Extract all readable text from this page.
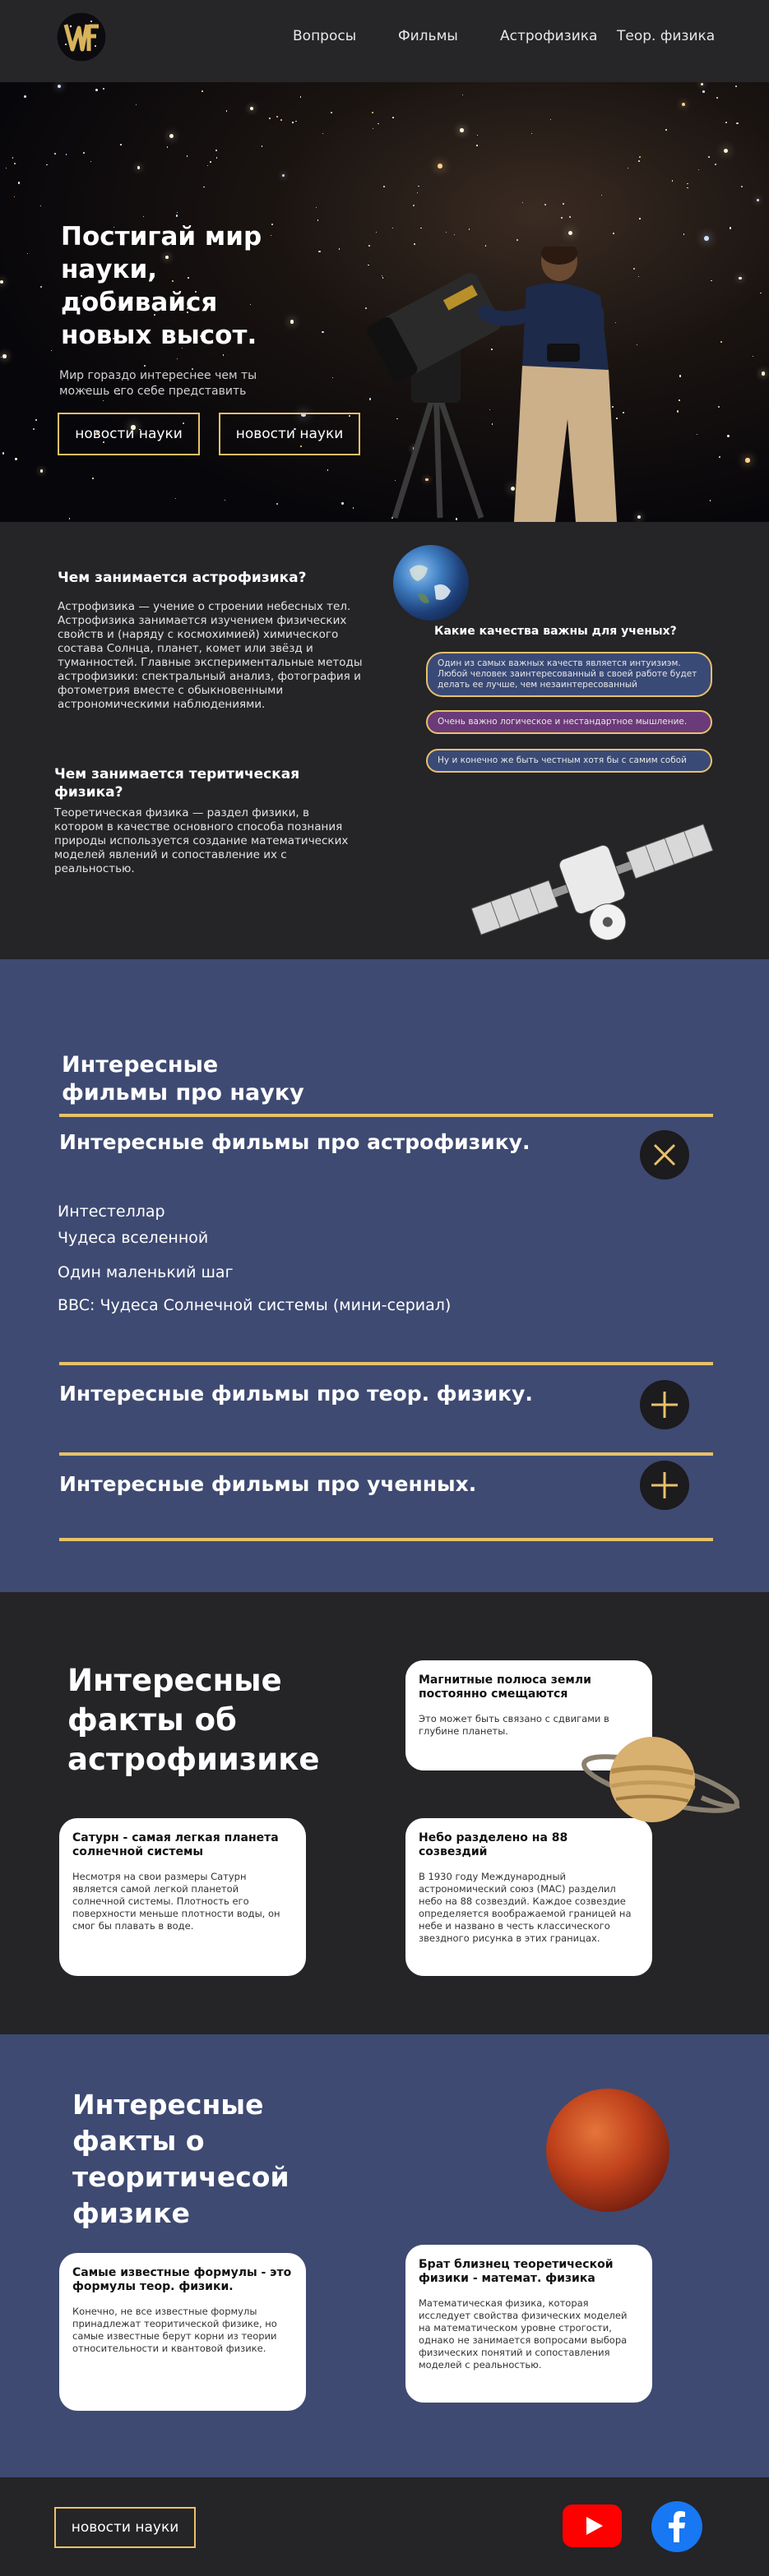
Вопросы	Фильмы	Астрофизика Теор. физика
Постигай мир науки, добивайся новых высот.

Мир гораздо интереснее чем ты можешь его себе представить

новости науки	новости науки
Чем занимается астрофизика?

Астрофизика — учение о строении небесных тел. Астрофизика занимается изучением физических свойств и (наряду с космохимией) химического состава Солнца, планет, комет или звёзд и туманностей. Главные экспериментальные методы астрофизики: спектральный анализ, фотография и фотометрия вместе с обыкновенными астрономическими наблюдениями.

Чем занимается теритическая физика?

Теоретическая физика — раздел физики, в котором в качестве основного способа познания природы используется создание математических моделей явлений и сопоставление их с реальностью.

Какие качества важны для ученых?

Один из самых важных качеств является интуизиэм. Любой человек заинтересованный в своей работе будет делать ее лучше, чем незаинтересованный
Очень важно логическое и нестандартное мышление.
Ну и конечно же быть честным хотя бы с самим собой
Интересные фильмы про науку
Интересные фильмы про астрофизику.

Интестеллар

Чудеса вселенной

Один маленький шаг

BBC: Чудеса Солнечной системы (мини-сериал)

Интересные фильмы про теор. физику.
Интересные фильмы про ученных.
Интересные факты об астрофиизике
Магнитные полюса земли постоянно смещаются

Это может быть связано с сдвигами в глубине планеты.

Сатурн - самая легкая планета солнечной системы

Несмотря на свои размеры Сатурн является самой легкой планетой солнечной системы. Плотность его поверхности меньше плотности воды, он смог бы плавать в воде.

Небо разделено на 88 созвездий

В 1930 году Международный астрономический союз (МАС) разделил небо на 88 созвездий. Каждое созвездие определяется воображаемой границей на небе и названо в честь классического звездного рисунка в этих границах.

Интересные факты о теоритичесой физике
Самые известные формулы - это формулы теор. физики.

Конечно, не все известные формулы принадлежат теоритической физике, но самые известные берут корни из теории относительности и квантовой физике.

Брат близнец теоретической физики - математ. физика

Математическая физика, которая исследует свойства физических моделей на математическом уровне строгости, однако не занимается вопросами выбора физических понятий и сопоставления моделей с реальностью.

новости науки
